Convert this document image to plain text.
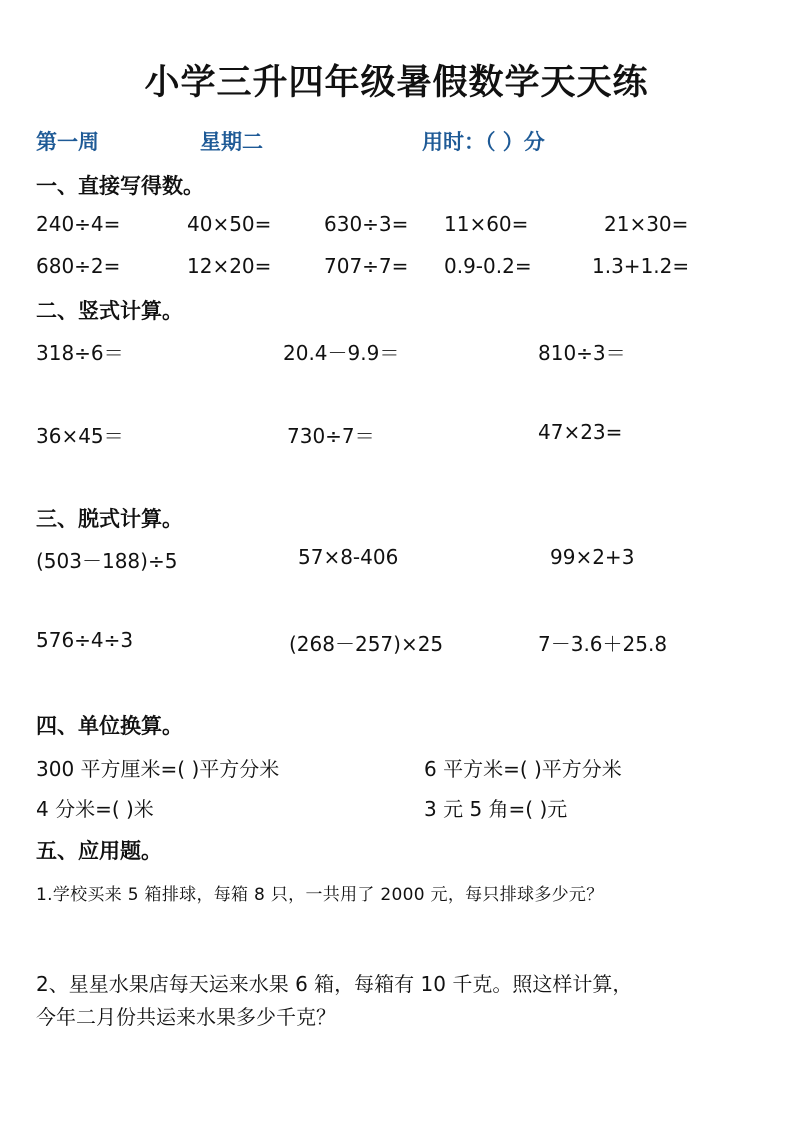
小学三升四年级暑假数学天天练
第一周	星期二	用时：（ ）分
一、直接写得数。
240÷4=	40×50=	630÷3= 11×60=	21×30=
680÷2=	12×20=	707÷7= 0.9-0.2=	1.3+1.2=
二、竖式计算。
318÷6＝	20.4－9.9＝	810÷3＝
36×45＝	730÷7＝	47×23=
三、脱式计算。
(503－188)÷5	57×8-406	99×2+3
576÷4÷3	(268－257)×25	7－3.6＋25.8
四、单位换算。
300 平方厘米=( )平方分米	6 平方米=( )平方分米
4 分米=( )米	3 元 5 角=( )元
五、应用题。
1.学校买来 5 箱排球，每箱 8 只，一共用了 2000 元，每只排球多少元？
2、星星水果店每天运来水果 6 箱，每箱有 10 千克。照这样计算，
今年二月份共运来水果多少千克？
